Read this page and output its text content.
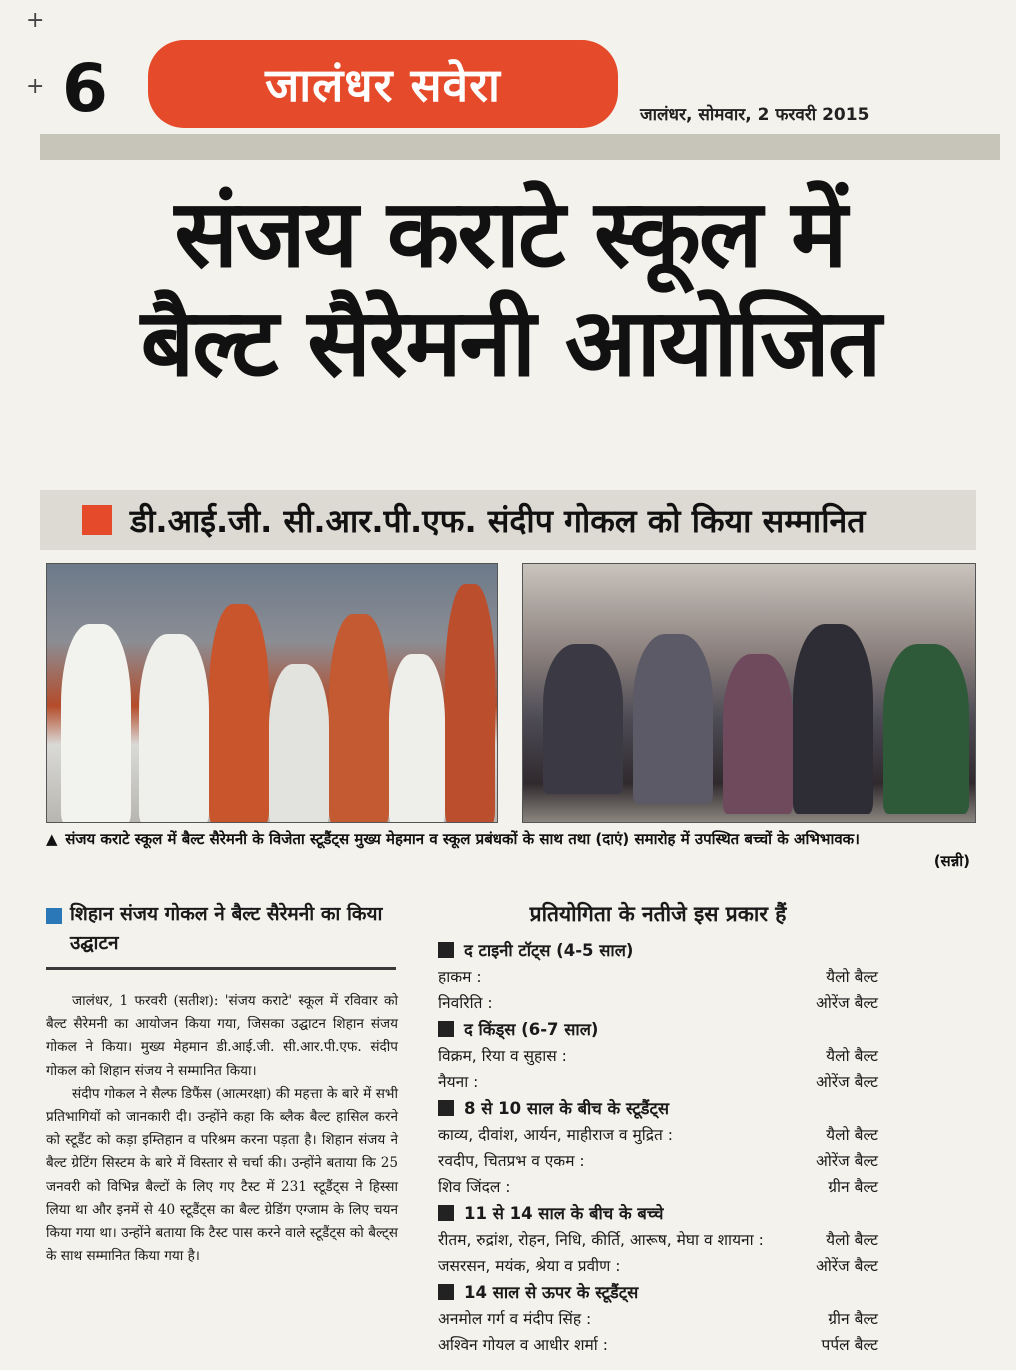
+
+ 6	जालंधर सवेरा
जालंधर, सोमवार, 2 फरवरी 2015
संजय कराटे स्कूल में
बैल्ट सैरेमनी आयोजित
डी.आई.जी. सी.आर.पी.एफ. संदीप गोकल को किया सम्मानित
▲ संजय कराटे स्कूल में बैल्ट सैरेमनी के विजेता स्टूडैंट्स मुख्य मेहमान व स्कूल प्रबंधकों के साथ तथा (दाएं) समारोह में उपस्थित बच्चों के अभिभावक।
(सन्नी)
शिहान संजय गोकल ने बैल्ट सैरेमनी का किया उद्घाटन

जालंधर, 1 फरवरी (सतीश): 'संजय कराटे' स्कूल में रविवार को बैल्ट सैरेमनी का आयोजन किया गया, जिसका उद्घाटन शिहान संजय गोकल ने किया। मुख्य मेहमान डी.आई.जी. सी.आर.पी.एफ. संदीप गोकल को शिहान संजय ने सम्मानित किया।

संदीप गोकल ने सैल्फ डिफैंस (आत्मरक्षा) की महत्ता के बारे में सभी प्रतिभागियों को जानकारी दी। उन्होंने कहा कि ब्लैक बैल्ट हासिल करने को स्टूडैंट को कड़ा इम्तिहान व परिश्रम करना पड़ता है। शिहान संजय ने बैल्ट ग्रेटिंग सिस्टम के बारे में विस्तार से चर्चा की। उन्होंने बताया कि 25 जनवरी को विभिन्न बैल्टों के लिए गए टैस्ट में 231 स्टूडैंट्स ने हिस्सा लिया था और इनमें से 40 स्टूडैंट्स का बैल्ट ग्रेडिंग एग्जाम के लिए चयन किया गया था। उन्होंने बताया कि टैस्ट पास करने वाले स्टूडैंट्स को बैल्ट्स के साथ सम्मानित किया गया है।

प्रतियोगिता के नतीजे इस प्रकार हैं
द टाइनी टॉट्स (4-5 साल)
हाकम :	यैलो बैल्ट
निवरिति :	ओरेंज बैल्ट
द किंड्स (6-7 साल)
विक्रम, रिया व सुहास :	यैलो बैल्ट
नैयना :	ओरेंज बैल्ट
8 से 10 साल के बीच के स्टूडैंट्स
काव्य, दीवांश, आर्यन, माहीराज व मुद्रित :	यैलो बैल्ट
रवदीप, चितप्रभ व एकम :	ओरेंज बैल्ट
शिव जिंदल :	ग्रीन बैल्ट
11 से 14 साल के बीच के बच्चे
रीतम, रुद्रांश, रोहन, निधि, कीर्ति, आरूष, मेघा व शायना :	यैलो बैल्ट
जसरसन, मयंक, श्रेया व प्रवीण :	ओरेंज बैल्ट
14 साल से ऊपर के स्टूडैंट्स
अनमोल गर्ग व मंदीप सिंह :	ग्रीन बैल्ट
अश्विन गोयल व आधीर शर्मा :	पर्पल बैल्ट
